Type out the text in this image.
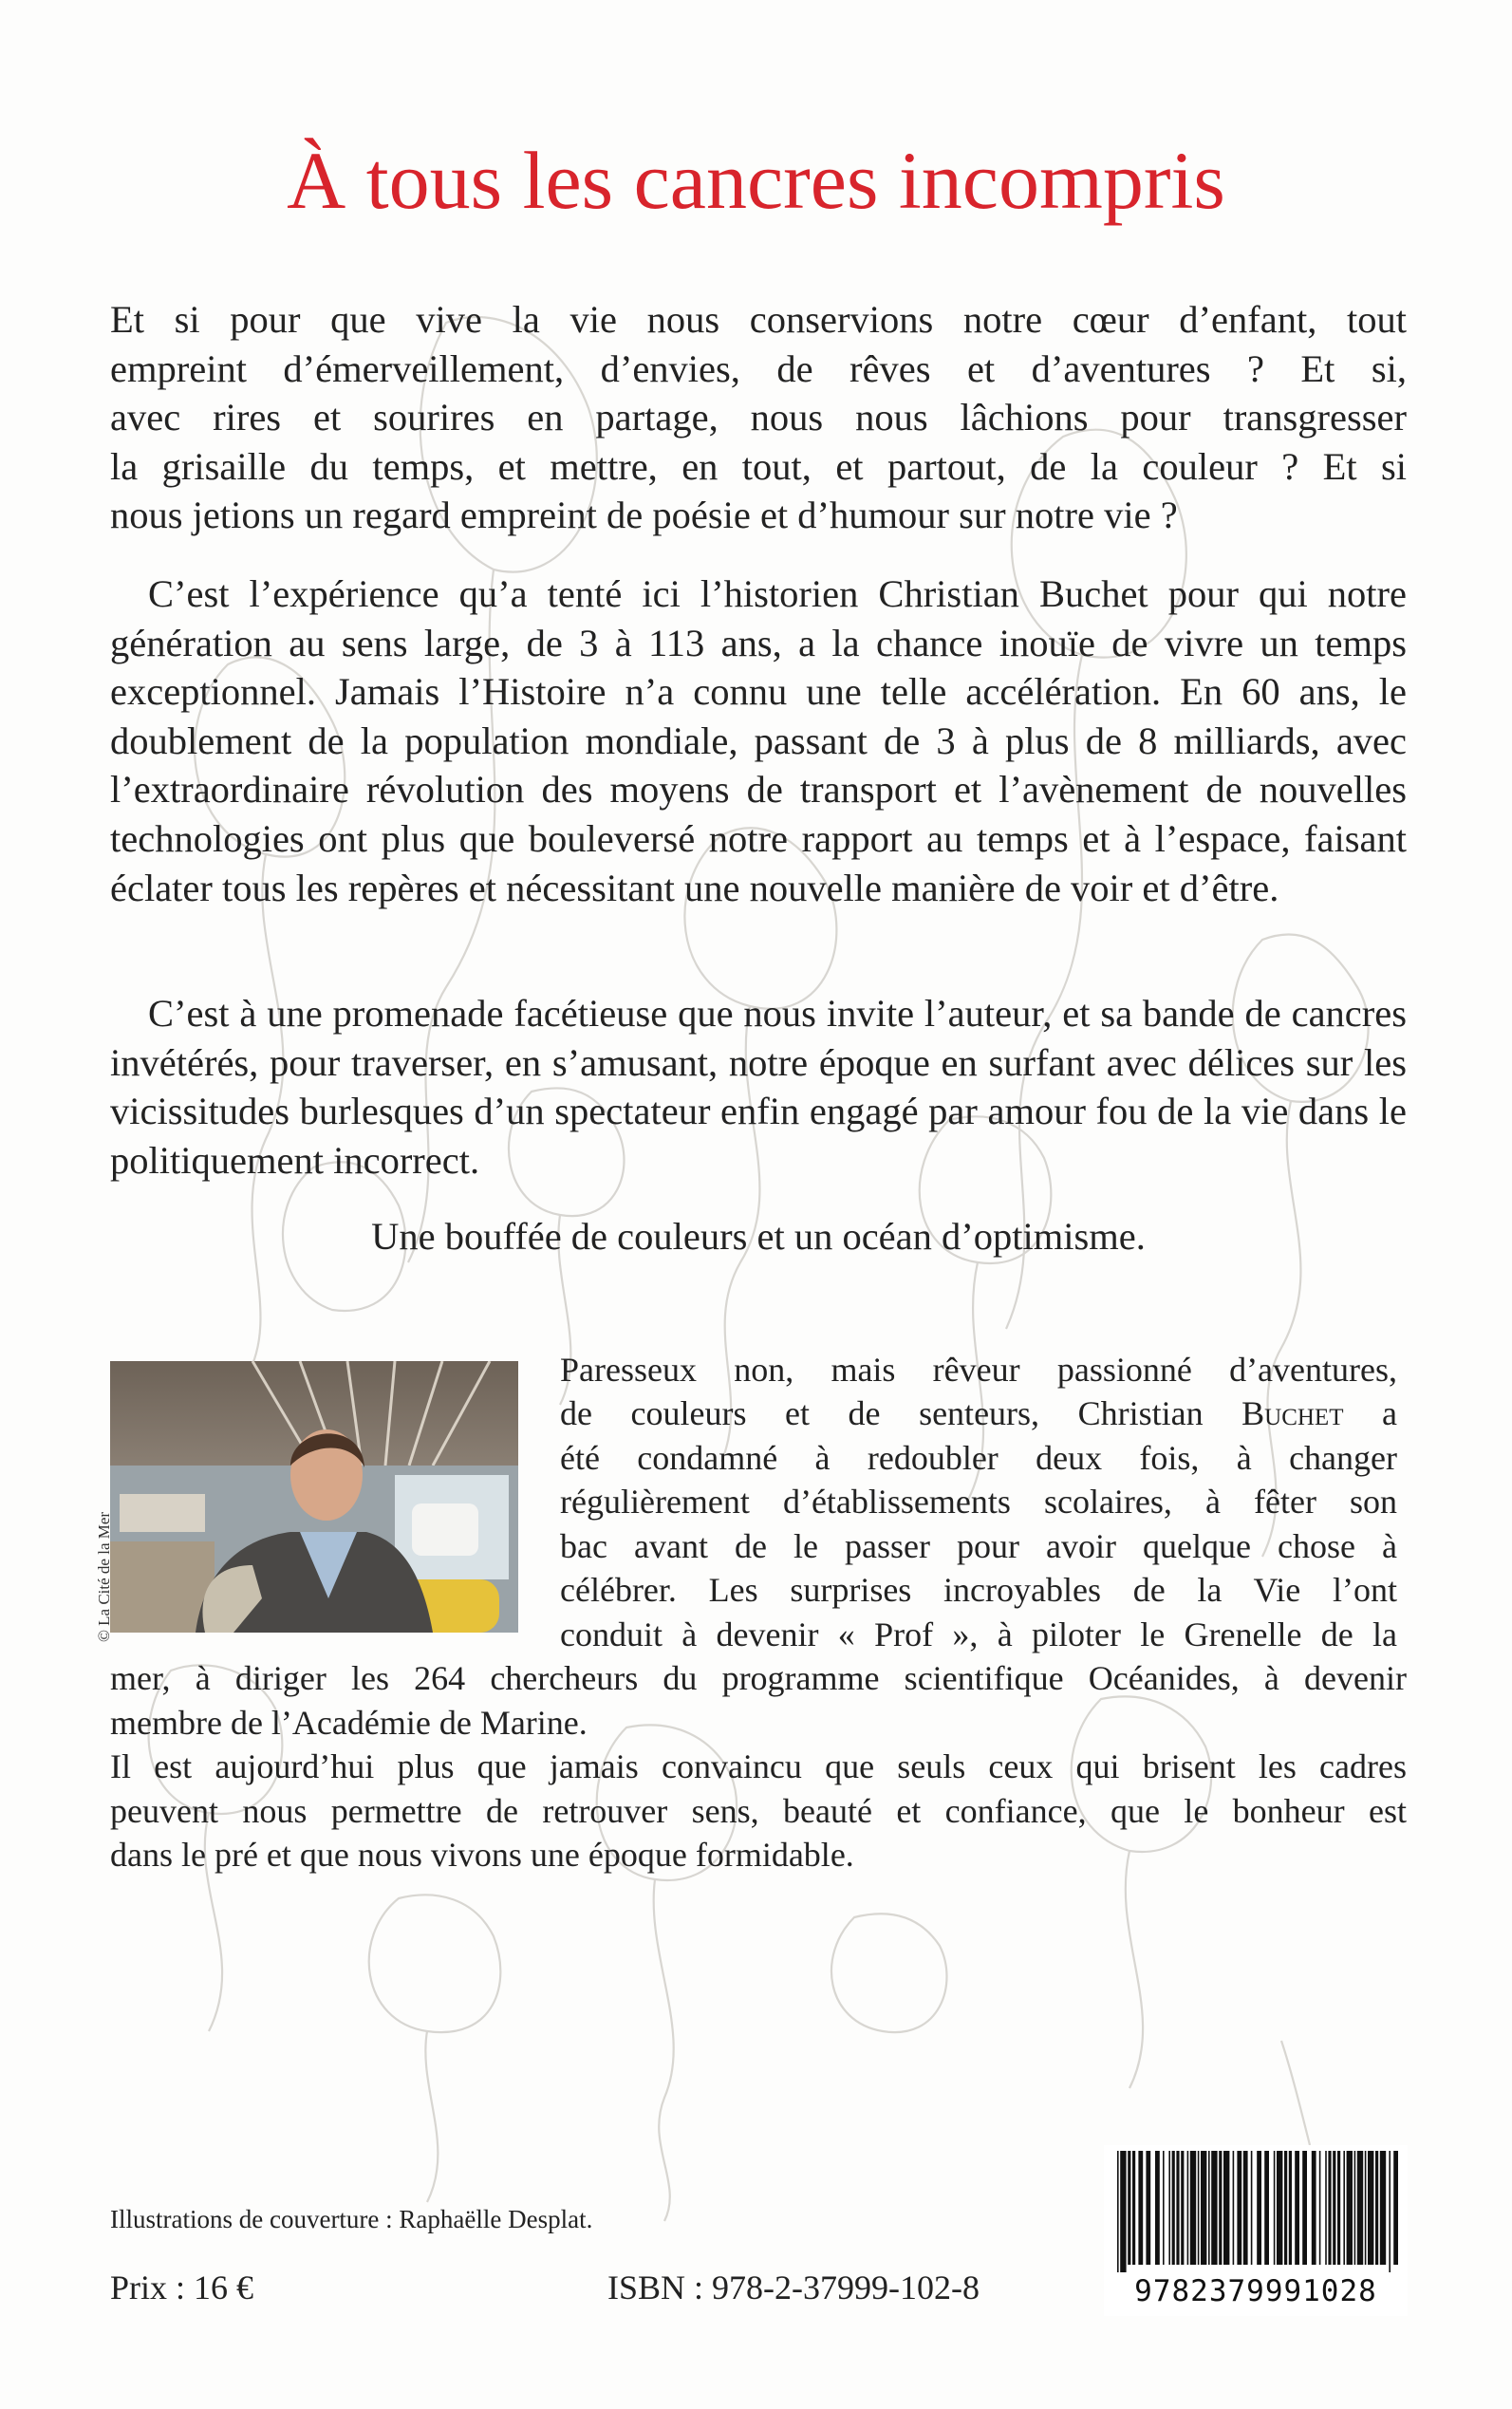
À tous les cancres incompris
Et si pour que vive la vie nous conservions notre cœur d’enfant, tout
empreint d’émerveillement, d’envies, de rêves et d’aventures ? Et si,
avec rires et sourires en partage, nous nous lâchions pour transgresser
la grisaille du temps, et mettre, en tout, et partout, de la couleur ? Et si
nous jetions un regard empreint de poésie et d’humour sur notre vie ?

C’est l’expérience qu’a tenté ici l’historien Christian Buchet pour qui notre génération au sens large, de 3 à 113 ans, a la chance inouïe de vivre un temps exceptionnel. Jamais l’Histoire n’a connu une telle accélération. En 60 ans, le doublement de la population mondiale, passant de 3 à plus de 8 milliards, avec l’extraordinaire révolution des moyens de transport et l’avènement de nouvelles technologies ont plus que bouleversé notre rapport au temps et à l’espace, faisant éclater tous les repères et nécessitant une nouvelle manière de voir et d’être.

C’est à une promenade facétieuse que nous invite l’auteur, et sa bande de cancres invétérés, pour traverser, en s’amusant, notre époque en surfant avec délices sur les vicissitudes burlesques d’un spectateur enfin engagé par amour fou de la vie dans le politiquement incorrect.

Une bouffée de couleurs et un océan d’optimisme.
© La Cité de la Mer
Paresseux non, mais rêveur passionné d’aventures,
de couleurs et de senteurs, Christian Buchet a
été condamné à redoubler deux fois, à changer
régulièrement d’établissements scolaires, à fêter son
bac avant de le passer pour avoir quelque chose à
célébrer. Les surprises incroyables de la Vie l’ont
conduit à devenir « Prof », à piloter le Grenelle de la
mer, à diriger les 264 chercheurs du programme scientifique Océanides, à devenir
membre de l’Académie de Marine.
Il est aujourd’hui plus que jamais convaincu que seuls ceux qui brisent les cadres
peuvent nous permettre de retrouver sens, beauté et confiance, que le bonheur est
dans le pré et que nous vivons une époque formidable.
Illustrations de couverture : Raphaëlle Desplat.
Prix : 16 €	ISBN : 978-2-37999-102-8	9782379991028
